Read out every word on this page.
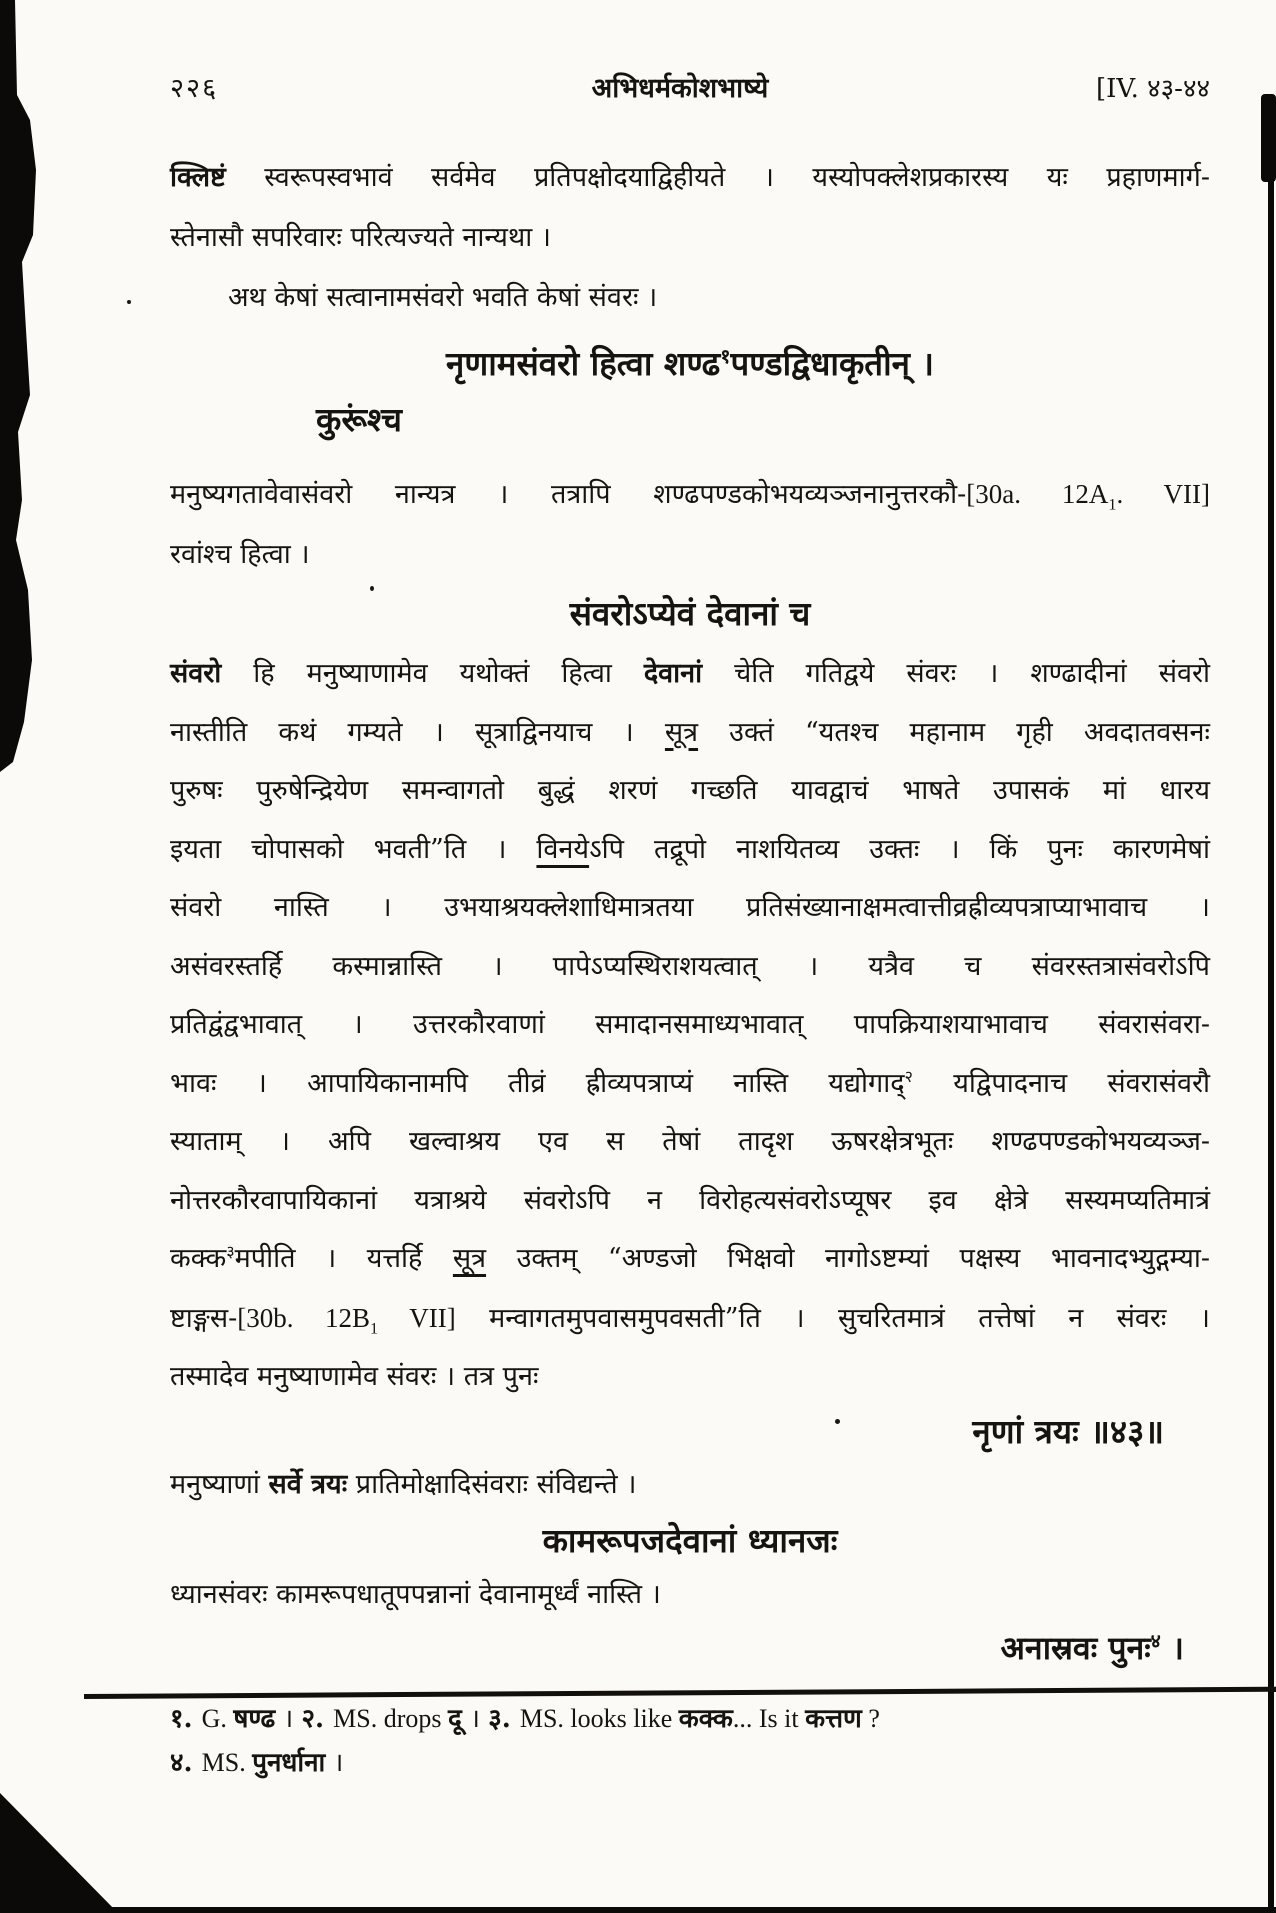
२२६	अभिधर्मकोशभाष्ये	[IV. ४३-४४
क्लिष्टं स्वरूपस्वभावं सर्वमेव प्रतिपक्षोदयाद्विहीयते । यस्योपक्लेशप्रकारस्य यः प्रहाणमार्ग-
स्तेनासौ सपरिवारः परित्यज्यते नान्यथा ।
अथ केषां सत्वानामसंवरो भवति केषां संवरः ।
नृणामसंवरो हित्वा शण्ढ$^१$पण्डद्विधाकृतीन् ।
कुरूंश्च
मनुष्यगतावेवासंवरो नान्यत्र । तत्रापि शण्ढपण्डकोभयव्यञ्जनानुत्तरकौ-[30a. $12A_1$. VII]
रवांश्च हित्वा ।
संवरोऽप्येवं देवानां च
संवरो हि मनुष्याणामेव यथोक्तं हित्वा देवानां चेति गतिद्वये संवरः । शण्ढादीनां संवरो
नास्तीति कथं गम्यते । सूत्राद्विनयाच । सूत्र उक्तं “यतश्च महानाम गृही अवदातवसनः
पुरुषः पुरुषेन्द्रियेण समन्वागतो बुद्धं शरणं गच्छति यावद्वाचं भाषते उपासकं मां धारय
इयता चोपासको भवती”ति । विनयेऽपि तद्रूपो नाशयितव्य उक्तः । किं पुनः कारणमेषां
संवरो नास्ति । उभयाश्रयक्लेशाधिमात्रतया प्रतिसंख्यानाक्षमत्वात्तीव्रह्रीव्यपत्राप्याभावाच ।
असंवरस्तर्हि कस्मान्नास्ति । पापेऽप्यस्थिराशयत्वात् । यत्रैव च संवरस्तत्रासंवरोऽपि
प्रतिद्वंद्वभावात् । उत्तरकौरवाणां समादानसमाध्यभावात् पापक्रियाशयाभावाच संवरासंवरा-
भावः । आपायिकानामपि तीव्रं ह्रीव्यपत्राप्यं नास्ति यद्योगाद्$^२$ यद्विपादनाच संवरासंवरौ
स्याताम् । अपि खल्वाश्रय एव स तेषां तादृश ऊषरक्षेत्रभूतः शण्ढपण्डकोभयव्यञ्ज-
नोत्तरकौरवापायिकानां यत्राश्रये संवरोऽपि न विरोहत्यसंवरोऽप्यूषर इव क्षेत्रे सस्यमप्यतिमात्रं
कक्क$^३$मपीति । यत्तर्हि सूत्र उक्तम् “अण्डजो भिक्षवो नागोऽष्टम्यां पक्षस्य भावनादभ्युद्गम्या-
ष्टाङ्गस-[30b. $12B_1$ VII] मन्वागतमुपवासमुपवसती”ति । सुचरितमात्रं तत्तेषां न संवरः ।
तस्मादेव मनुष्याणामेव संवरः । तत्र पुनः
नृणां त्रयः ॥४३॥
मनुष्याणां सर्वे त्रयः प्रातिमोक्षादिसंवराः संविद्यन्ते ।
कामरूपजदेवानां ध्यानजः
ध्यानसंवरः कामरूपधातूपपन्नानां देवानामूर्ध्वं नास्ति ।
अनास्रवः पुनः$^४$ ।
१. G. षण्ढ । २. MS. drops दू । ३. MS. looks like कक्क... Is it कत्तण ?
४. MS. पुनर्धाना ।
